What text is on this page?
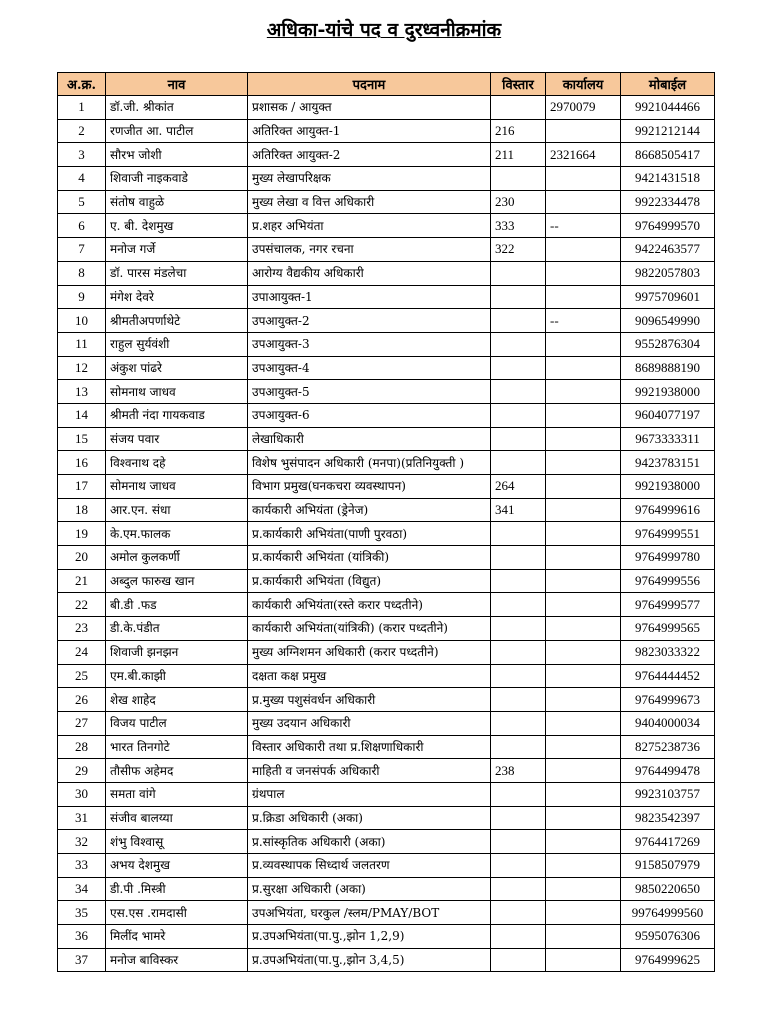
अधिका-यांचे पद व दुरध्वनीक्रमांक
अ.क्र.	नाव	पदनाम	विस्तार	कार्यालय	मोबाईल
1	डॉ.जी. श्रीकांत	प्रशासक / आयुक्त		2970079	9921044466
2	रणजीत आ. पाटील	अतिरिक्त आयुक्त-1	216		9921212144
3	सौरभ जोशी	अतिरिक्त आयुक्त-2	211	2321664	8668505417
4	शिवाजी नाइकवाडे	मुख्य लेखापरिक्षक			9421431518
5	संतोष वाहुळे	मुख्य लेखा व वित्त अधिकारी	230		9922334478
6	ए. बी. देशमुख	प्र.शहर अभियंता	333	--	9764999570
7	मनोज गर्जे	उपसंचालक, नगर रचना	322		9422463577
8	डॉ. पारस मंडलेचा	आरोग्य वैद्यकीय अधिकारी			9822057803
9	मंगेश देवरे	उपाआयुक्त-1			9975709601
10	श्रीमतीअपर्णाथेटे	उपआयुक्त-2		--	9096549990
11	राहुल सुर्यवंशी	उपआयुक्त-3			9552876304
12	अंकुश पांढरे	उपआयुक्त-4			8689888190
13	सोमनाथ जाधव	उपआयुक्त-5			9921938000
14	श्रीमती नंदा गायकवाड	उपआयुक्त-6			9604077197
15	संजय पवार	लेखाधिकारी			9673333311
16	विश्वनाथ दहे	विशेष भुसंपादन अधिकारी (मनपा)(प्रतिनियुक्ती )			9423783151
17	सोमनाथ जाधव	विभाग प्रमुख(घनकचरा व्यवस्थापन)	264		9921938000
18	आर.एन. संधा	कार्यकारी अभियंता (ड्रेनेज)	341		9764999616
19	के.एम.फालक	प्र.कार्यकारी अभियंता(पाणी पुरवठा)			9764999551
20	अमोल कुलकर्णी	प्र.कार्यकारी अभियंता (यांत्रिकी)			9764999780
21	अब्दुल फारुख खान	प्र.कार्यकारी अभियंता (विद्युत)			9764999556
22	बी.डी .फड	कार्यकारी अभियंता(रस्ते करार पध्दतीने)			9764999577
23	डी.के.पंडीत	कार्यकारी अभियंता(यांत्रिकी) (करार पध्दतीने)			9764999565
24	शिवाजी झनझन	मुख्य अग्निशमन अधिकारी (करार पध्दतीने)			9823033322
25	एम.बी.काझी	दक्षता कक्ष प्रमुख			9764444452
26	शेख शाहेद	प्र.मुख्य पशुसंवर्धन अधिकारी			9764999673
27	विजय पाटील	मुख्य उदयान अधिकारी			9404000034
28	भारत तिनगोटे	विस्तार अधिकारी तथा प्र.शिक्षणाधिकारी			8275238736
29	तौसीफ अहेमद	माहिती व जनसंपर्क अधिकारी	238		9764499478
30	समता वांगे	ग्रंथपाल			9923103757
31	संजीव बालय्या	प्र.क्रिडा अधिकारी (अका)			9823542397
32	शंभु विश्वासू	प्र.सांस्कृतिक अधिकारी (अका)			9764417269
33	अभय देशमुख	प्र.व्यवस्थापक सिध्दार्थ जलतरण			9158507979
34	डी.पी .मिस्त्री	प्र.सुरक्षा अधिकारी (अका)			9850220650
35	एस.एस .रामदासी	उपअभियंता, घरकुल /स्लम/PMAY/BOT			99764999560
36	मिलींद भामरे	प्र.उपअभियंता(पा.पु.,झोन 1,2,9)			9595076306
37	मनोज बाविस्कर	प्र.उपअभियंता(पा.पु.,झोन 3,4,5)			9764999625
